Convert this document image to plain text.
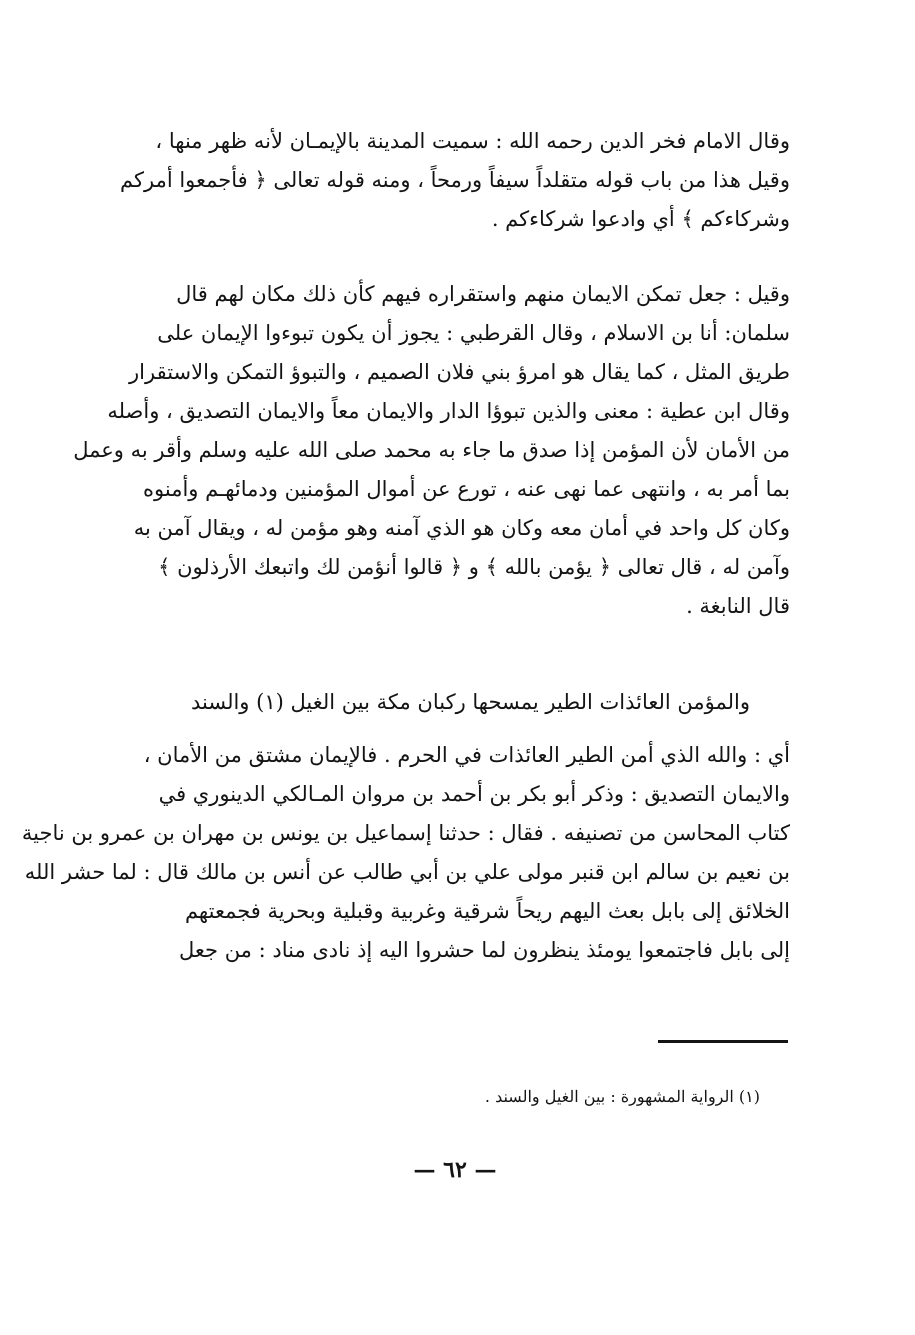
وقال الامام فخر الدين رحمه الله : سميت المدينة بالإيمـان لأنه ظهر منها ،
وقيل هذا من باب قوله متقلداً سيفاً ورمحاً ، ومنه قوله تعالى ﴿ فأجمعوا أمركم
وشركاءكم ﴾ أي وادعوا شركاءكم .
وقيل : جعل تمكن الايمان منهم واستقراره فيهم كأن ذلك مكان لهم قال
سلمان: أنا بن الاسلام ، وقال القرطبي : يجوز أن يكون تبوءوا الإيمان على
طريق المثل ، كما يقال هو امرؤ بني فلان الصميم ، والتبوؤ التمكن والاستقرار
وقال ابن عطية : معنى والذين تبوؤا الدار والايمان معاً والايمان التصديق ، وأصله
من الأمان لأن المؤمن إذا صدق ما جاء به محمد صلى الله عليه وسلم وأقر به وعمل
بما أمر به ، وانتهى عما نهى عنه ، تورع عن أموال المؤمنين ودمائهـم وأمنوه
وكان كل واحد في أمان معه وكان هو الذي آمنه وهو مؤمن له ، ويقال آمن به
وآمن له ، قال تعالى ﴿ يؤمن بالله ﴾ و ﴿ قالوا أنؤمن لك واتبعك الأرذلون ﴾
قال النابغة .
والمؤمن العائذات الطير يمسحها ركبان مكة بين الغيل (١) والسند
أي : والله الذي أمن الطير العائذات في الحرم . فالإيمان مشتق من الأمان ،
والايمان التصديق : وذكر أبو بكر بن أحمد بن مروان المـالكي الدينوري في
كتاب المحاسن من تصنيفه . فقال : حدثنا إسماعيل بن يونس بن مهران بن عمرو بن ناجية
بن نعيم بن سالم ابن قنبر مولى علي بن أبي طالب عن أنس بن مالك قال : لما حشر الله
الخلائق إلى بابل بعث اليهم ريحاً شرقية وغربية وقبلية وبحرية فجمعتهم
إلى بابل فاجتمعوا يومئذ ينظرون لما حشروا اليه إذ نادى مناد : من جعل
(١) الرواية المشهورة : بين الغيل والسند .
— ٦٢ —
